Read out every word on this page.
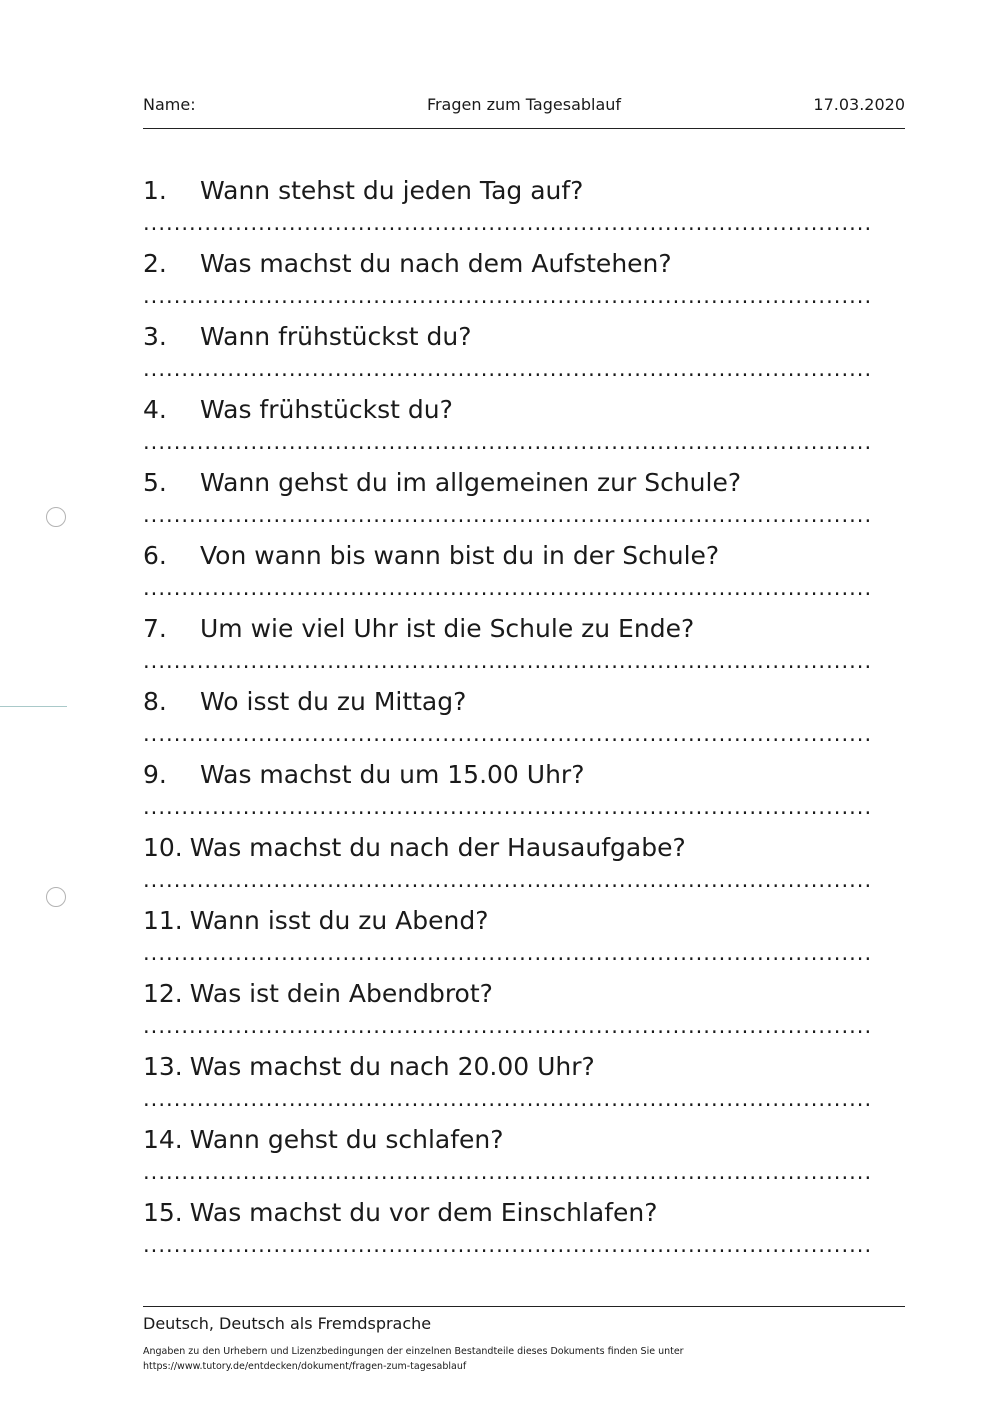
Name:	Fragen zum Tagesablauf	17.03.2020
1. Wann stehst du jeden Tag auf?
...............................................................................................
2. Was machst du nach dem Aufstehen?
...............................................................................................
3. Wann frühstückst du?
...............................................................................................
4. Was frühstückst du?
...............................................................................................
5. Wann gehst du im allgemeinen zur Schule?
...............................................................................................
6. Von wann bis wann bist du in der Schule?
...............................................................................................
7. Um wie viel Uhr ist die Schule zu Ende?
...............................................................................................
8. Wo isst du zu Mittag?
...............................................................................................
9. Was machst du um 15.00 Uhr?
...............................................................................................
10. Was machst du nach der Hausaufgabe?
...............................................................................................
11. Wann isst du zu Abend?
...............................................................................................
12. Was ist dein Abendbrot?
...............................................................................................
13. Was machst du nach 20.00 Uhr?
...............................................................................................
14. Wann gehst du schlafen?
...............................................................................................
15. Was machst du vor dem Einschlafen?
...............................................................................................
Deutsch, Deutsch als Fremdsprache
Angaben zu den Urhebern und Lizenzbedingungen der einzelnen Bestandteile dieses Dokuments finden Sie unter
https://www.tutory.de/entdecken/dokument/fragen-zum-tagesablauf
